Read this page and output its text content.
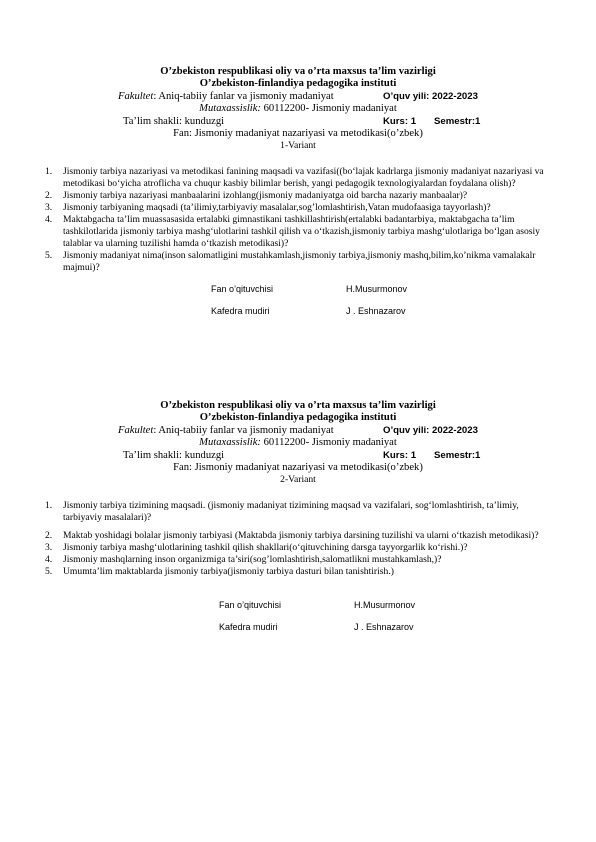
O’zbekiston respublikasi oliy va o’rta maxsus ta’lim vazirligi
O’zbekiston-finlandiya pedagogika instituti
Fakultet: Aniq-tabiiy fanlar va jismoniy madaniyat	O’quv yili: 2022-2023
Mutaxassislik: 60112200- Jismoniy madaniyat
Ta’lim shakli: kunduzgi	Kurs: 1 Semestr:1
Fan: Jismoniy madaniyat nazariyasi va metodikasi(o’zbek)
1-Variant
1. Jismoniy tarbiya nazariyasi va metodikasi fanining maqsadi va vazifasi((bo‘lajak kadrlarga jismoniy madaniyat nazariyasi va metodikasi bo‘yicha atroflicha va chuqur kasbiy bilimlar berish, yangi pedagogik texnologiyalardan foydalana olish)?
2. Jismoniy tarbiya nazariyasi manbaalarini izohlang(jismoniy madaniyatga oid barcha nazariy manbaalar)?
3. Jismoniy tarbiyaning maqsadi (ta’ilimiy,tarbiyaviy masalalar,sog’lomlashtirish,Vatan mudofaasiga tayyorlash)?
4. Maktabgacha ta’lim muassasasida ertalabki gimnastikani tashkillashtirish(ertalabki badantarbiya, maktabgacha ta’lim tashkilotlarida jismoniy tarbiya mashg‘ulotlarini tashkil qilish va o‘tkazish,jismoniy tarbiya mashg‘ulotlariga bo‘lgan asosiy talablar va ularning tuzilishi hamda o‘tkazish metodikasi)?
5. Jismoniy madaniyat nima(inson salomatligini mustahkamlash,jismoniy tarbiya,jismoniy mashq,bilim,ko’nikma vamalakalr majmui)?
Fan o’qituvchisi	H.Musurmonov
Kafedra mudiri	J . Eshnazarov
O’zbekiston respublikasi oliy va o’rta maxsus ta’lim vazirligi
O’zbekiston-finlandiya pedagogika instituti
Fakultet: Aniq-tabiiy fanlar va jismoniy madaniyat	O’quv yili: 2022-2023
Mutaxassislik: 60112200- Jismoniy madaniyat
Ta’lim shakli: kunduzgi	Kurs: 1 Semestr:1
Fan: Jismoniy madaniyat nazariyasi va metodikasi(o’zbek)
2-Variant
1. Jismoniy tarbiya tizimining maqsadi. (jismoniy madaniyat tizimining maqsad va vazifalari, sog‘lomlashtirish, ta’limiy, tarbiyaviy masalalari)?
2. Maktab yoshidagi bolalar jismoniy tarbiyasi (Maktabda jismoniy tarbiya darsining tuzilishi va ularni o‘tkazish metodikasi)?
3. Jismoniy tarbiya mashg‘ulotlarining tashkil qilish shakllari(o‘qituvchining darsga tayyorgarlik ko‘rishi.)?
4. Jismoniy mashqlarning inson organizmiga ta’siri(sog’lomlashtirish,salomatlikni mustahkamlash,)?
5. Umumta’lim maktablarda jismoniy tarbiya(jismoniy tarbiya dasturi bilan tanishtirish.)
Fan o’qituvchisi	H.Musurmonov
Kafedra mudiri	J . Eshnazarov
